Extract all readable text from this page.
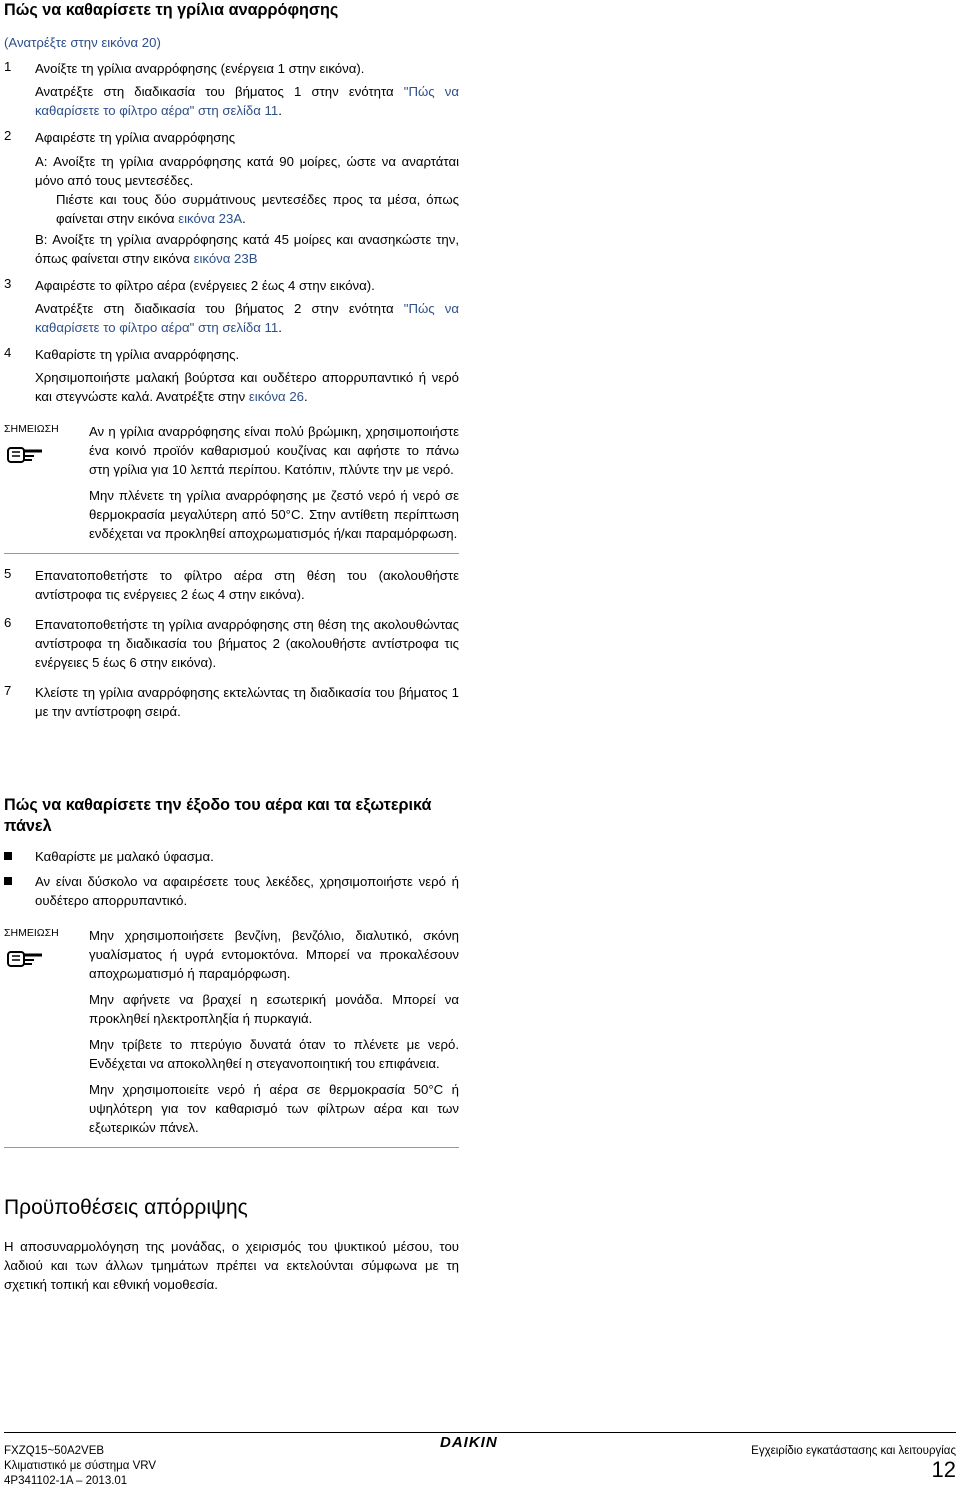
Πώς να καθαρίσετε τη γρίλια αναρρόφησης

(Ανατρέξτε στην εικόνα 20)

1	Ανοίξτε τη γρίλια αναρρόφησης (ενέργεια 1 στην εικόνα).

Ανατρέξτε στη διαδικασία του βήματος 1 στην ενότητα "Πώς να καθαρίσετε το φίλτρο αέρα" στη σελίδα 11.

2	Αφαιρέστε τη γρίλια αναρρόφησης

A: Ανοίξτε τη γρίλια αναρρόφησης κατά 90 μοίρες, ώστε να αναρτάται μόνο από τους μεντεσέδες.

Πιέστε και τους δύο συρμάτινους μεντεσέδες προς τα μέσα, όπως φαίνεται στην εικόνα εικόνα 23A.

B: Ανοίξτε τη γρίλια αναρρόφησης κατά 45 μοίρες και ανασηκώστε την, όπως φαίνεται στην εικόνα εικόνα 23B

3	Αφαιρέστε το φίλτρο αέρα (ενέργειες 2 έως 4 στην εικόνα).

Ανατρέξτε στη διαδικασία του βήματος 2 στην ενότητα "Πώς να καθαρίσετε το φίλτρο αέρα" στη σελίδα 11.

4	Καθαρίστε τη γρίλια αναρρόφησης.

Χρησιμοποιήστε μαλακή βούρτσα και ουδέτερο απορρυπαντικό ή νερό και στεγνώστε καλά. Ανατρέξτε στην εικόνα 26.

ΣΗΜΕΙΩΣΗ	Αν η γρίλια αναρρόφησης είναι πολύ βρώμικη, χρησιμοποιήστε ένα κοινό προϊόν καθαρισμού κουζίνας και αφήστε το πάνω στη γρίλια για 10 λεπτά περίπου. Κατόπιν, πλύντε την με νερό.

Μην πλένετε τη γρίλια αναρρόφησης με ζεστό νερό ή νερό σε θερμοκρασία μεγαλύτερη από 50°C. Στην αντίθετη περίπτωση ενδέχεται να προκληθεί αποχρωματισμός ή/και παραμόρφωση.

5	Επανατοποθετήστε το φίλτρο αέρα στη θέση του (ακολουθήστε αντίστροφα τις ενέργειες 2 έως 4 στην εικόνα).

6	Επανατοποθετήστε τη γρίλια αναρρόφησης στη θέση της ακολουθώντας αντίστροφα τη διαδικασία του βήματος 2 (ακολουθήστε αντίστροφα τις ενέργειες 5 έως 6 στην εικόνα).

7	Κλείστε τη γρίλια αναρρόφησης εκτελώντας τη διαδικασία του βήματος 1 με την αντίστροφη σειρά.

Πώς να καθαρίσετε την έξοδο του αέρα και τα εξωτερικά πάνελ

Καθαρίστε με μαλακό ύφασμα.

Αν είναι δύσκολο να αφαιρέσετε τους λεκέδες, χρησιμοποιήστε νερό ή ουδέτερο απορρυπαντικό.

ΣΗΜΕΙΩΣΗ	Μην χρησιμοποιήσετε βενζίνη, βενζόλιο, διαλυτικό, σκόνη γυαλίσματος ή υγρά εντομοκτόνα. Μπορεί να προκαλέσουν αποχρωματισμό ή παραμόρφωση.

Μην αφήνετε να βραχεί η εσωτερική μονάδα. Μπορεί να προκληθεί ηλεκτροπληξία ή πυρκαγιά.

Μην τρίβετε το πτερύγιο δυνατά όταν το πλένετε με νερό. Ενδέχεται να αποκολληθεί η στεγανοποιητική του επιφάνεια.

Μην χρησιμοποιείτε νερό ή αέρα σε θερμοκρασία 50°C ή υψηλότερη για τον καθαρισμό των φίλτρων αέρα και των εξωτερικών πάνελ.

Προϋποθέσεις απόρριψης

Η αποσυναρμολόγηση της μονάδας, ο χειρισμός του ψυκτικού μέσου, του λαδιού και των άλλων τμημάτων πρέπει να εκτελούνται σύμφωνα με τη σχετική τοπική και εθνική νομοθεσία.

FXZQ15~50A2VEB
Κλιματιστικό με σύστημα VRV
4P341102-1A – 2013.01
DAIKIN	Εγχειρίδιο εγκατάστασης και λειτουργίας
12
